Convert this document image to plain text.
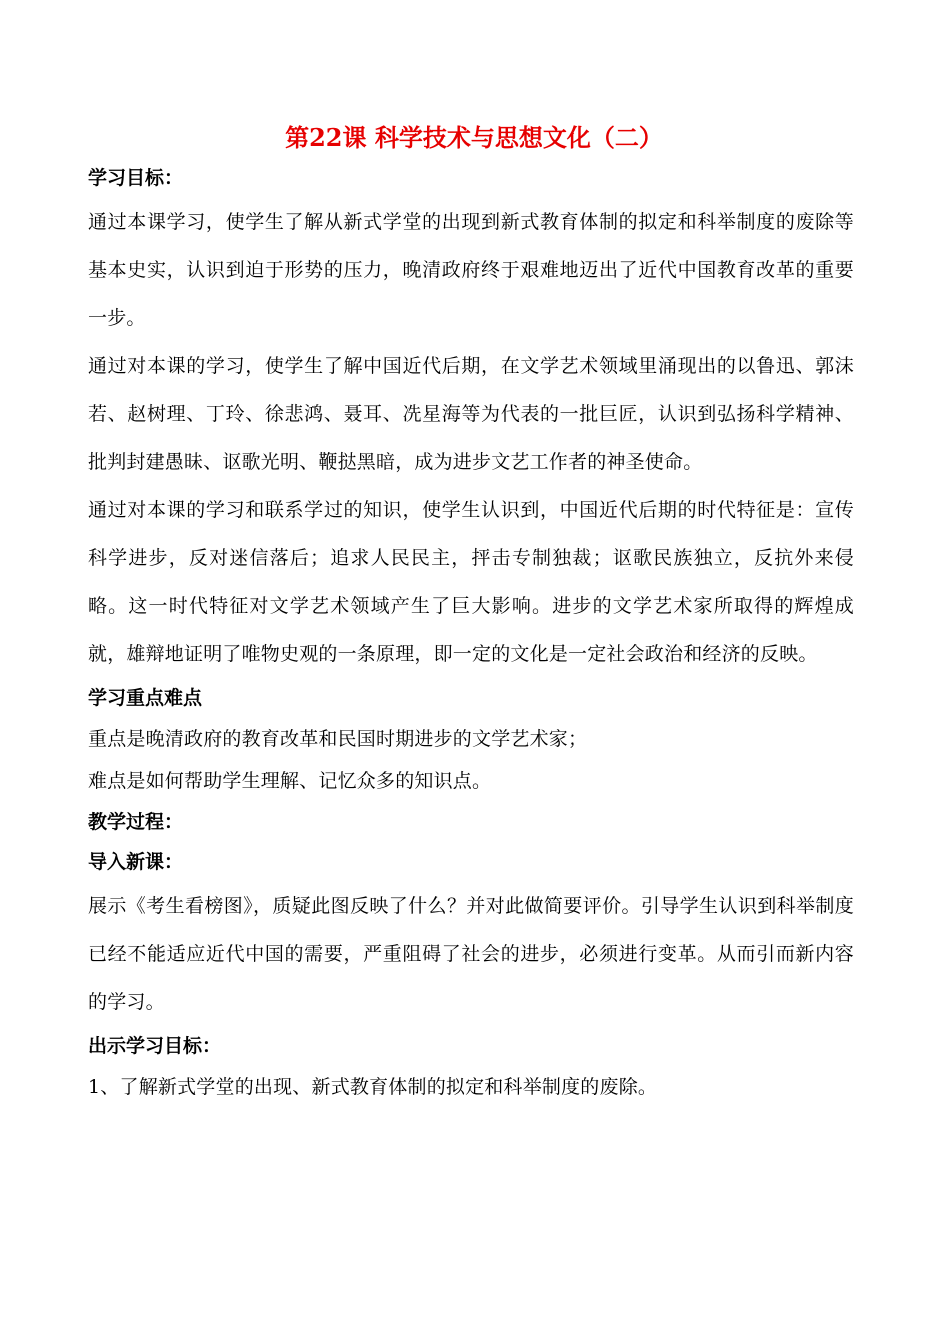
第22课 科学技术与思想文化（二）
学习目标：

通过本课学习，使学生了解从新式学堂的出现到新式教育体制的拟定和科举制度的废除等基本史实，认识到迫于形势的压力，晚清政府终于艰难地迈出了近代中国教育改革的重要一步。

通过对本课的学习，使学生了解中国近代后期，在文学艺术领域里涌现出的以鲁迅、郭沫若、赵树理、丁玲、徐悲鸿、聂耳、冼星海等为代表的一批巨匠，认识到弘扬科学精神、批判封建愚昧、讴歌光明、鞭挞黑暗，成为进步文艺工作者的神圣使命。

通过对本课的学习和联系学过的知识，使学生认识到，中国近代后期的时代特征是：宣传科学进步，反对迷信落后；追求人民民主，抨击专制独裁；讴歌民族独立，反抗外来侵略。这一时代特征对文学艺术领域产生了巨大影响。进步的文学艺术家所取得的辉煌成就，雄辩地证明了唯物史观的一条原理，即一定的文化是一定社会政治和经济的反映。

学习重点难点

重点是晚清政府的教育改革和民国时期进步的文学艺术家；

难点是如何帮助学生理解、记忆众多的知识点。

教学过程：
导入新课：

展示《考生看榜图》，质疑此图反映了什么？并对此做简要评价。引导学生认识到科举制度已经不能适应近代中国的需要，严重阻碍了社会的进步，必须进行变革。从而引而新内容的学习。

出示学习目标：

1、了解新式学堂的出现、新式教育体制的拟定和科举制度的废除。
